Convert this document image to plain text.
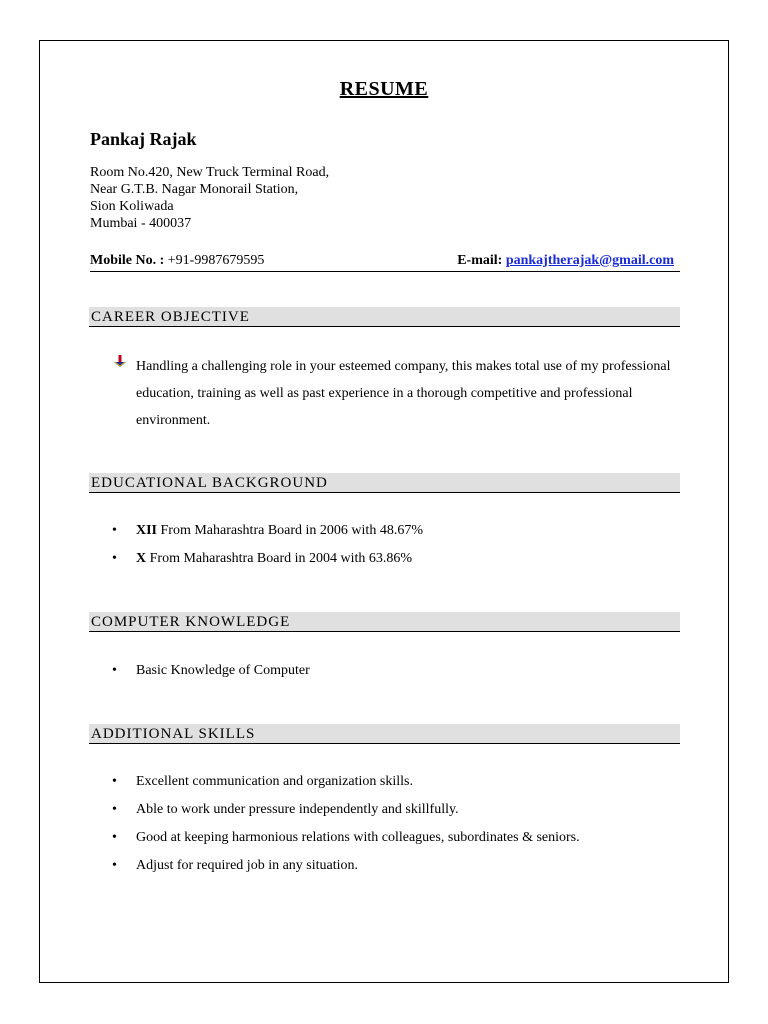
RESUME
Pankaj Rajak
Room No.420, New Truck Terminal Road,
Near G.T.B. Nagar Monorail Station,
Sion Koliwada
Mumbai - 400037
Mobile No. : +91-9987679595	E-mail: pankajtherajak@gmail.com
CAREER OBJECTIVE
Handling a challenging role in your esteemed company, this makes total use of my professional education, training as well as past experience in a thorough competitive and professional environment.
EDUCATIONAL BACKGROUND
• XII From Maharashtra Board in 2006 with 48.67%
• X From Maharashtra Board in 2004 with 63.86%
COMPUTER KNOWLEDGE
• Basic Knowledge of Computer
ADDITIONAL SKILLS
• Excellent communication and organization skills.
• Able to work under pressure independently and skillfully.
• Good at keeping harmonious relations with colleagues, subordinates & seniors.
• Adjust for required job in any situation.
